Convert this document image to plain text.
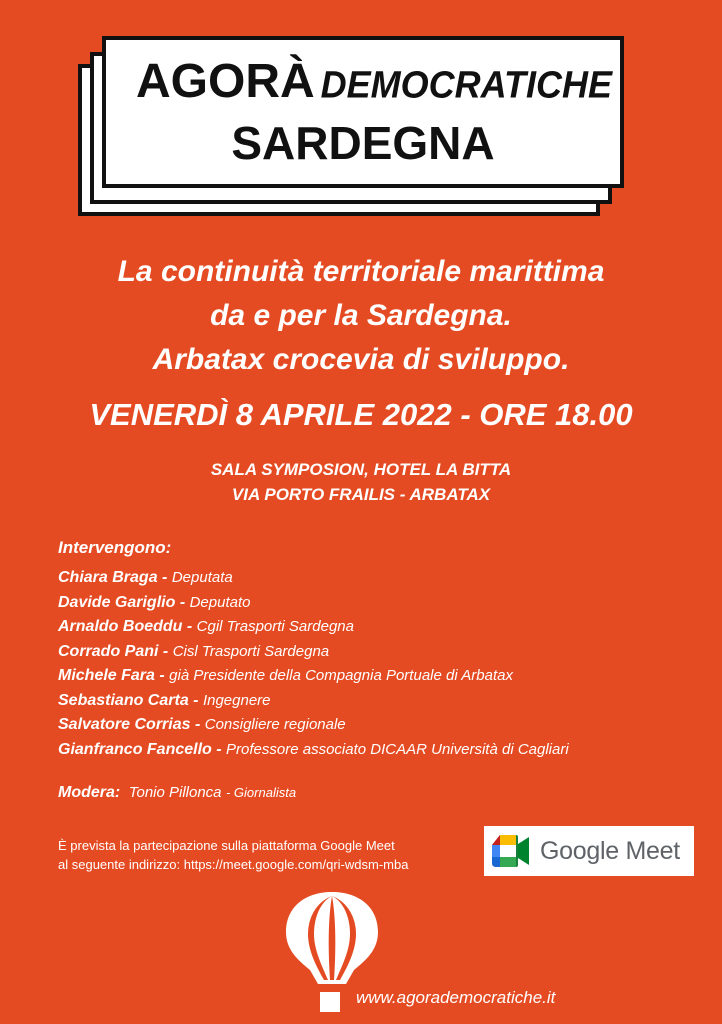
AGORÀ DEMOCRATICHE
SARDEGNA
La continuità territoriale marittima
da e per la Sardegna.
Arbatax crocevia di sviluppo.
VENERDÌ 8 APRILE 2022 - ORE 18.00
SALA SYMPOSION, HOTEL LA BITTA
VIA PORTO FRAILIS - ARBATAX
Intervengono:
Chiara Braga - Deputata
Davide Gariglio - Deputato
Arnaldo Boeddu - Cgil Trasporti Sardegna
Corrado Pani - Cisl Trasporti Sardegna
Michele Fara - già Presidente della Compagnia Portuale di Arbatax
Sebastiano Carta - Ingegnere
Salvatore Corrias - Consigliere regionale
Gianfranco Fancello - Professore associato DICAAR Università di Cagliari
Modera: Tonio Pillonca - Giornalista
È prevista la partecipazione sulla piattaforma Google Meet
al seguente indirizzo: https://meet.google.com/qri-wdsm-mba	Google Meet
www.agorademocratiche.it
